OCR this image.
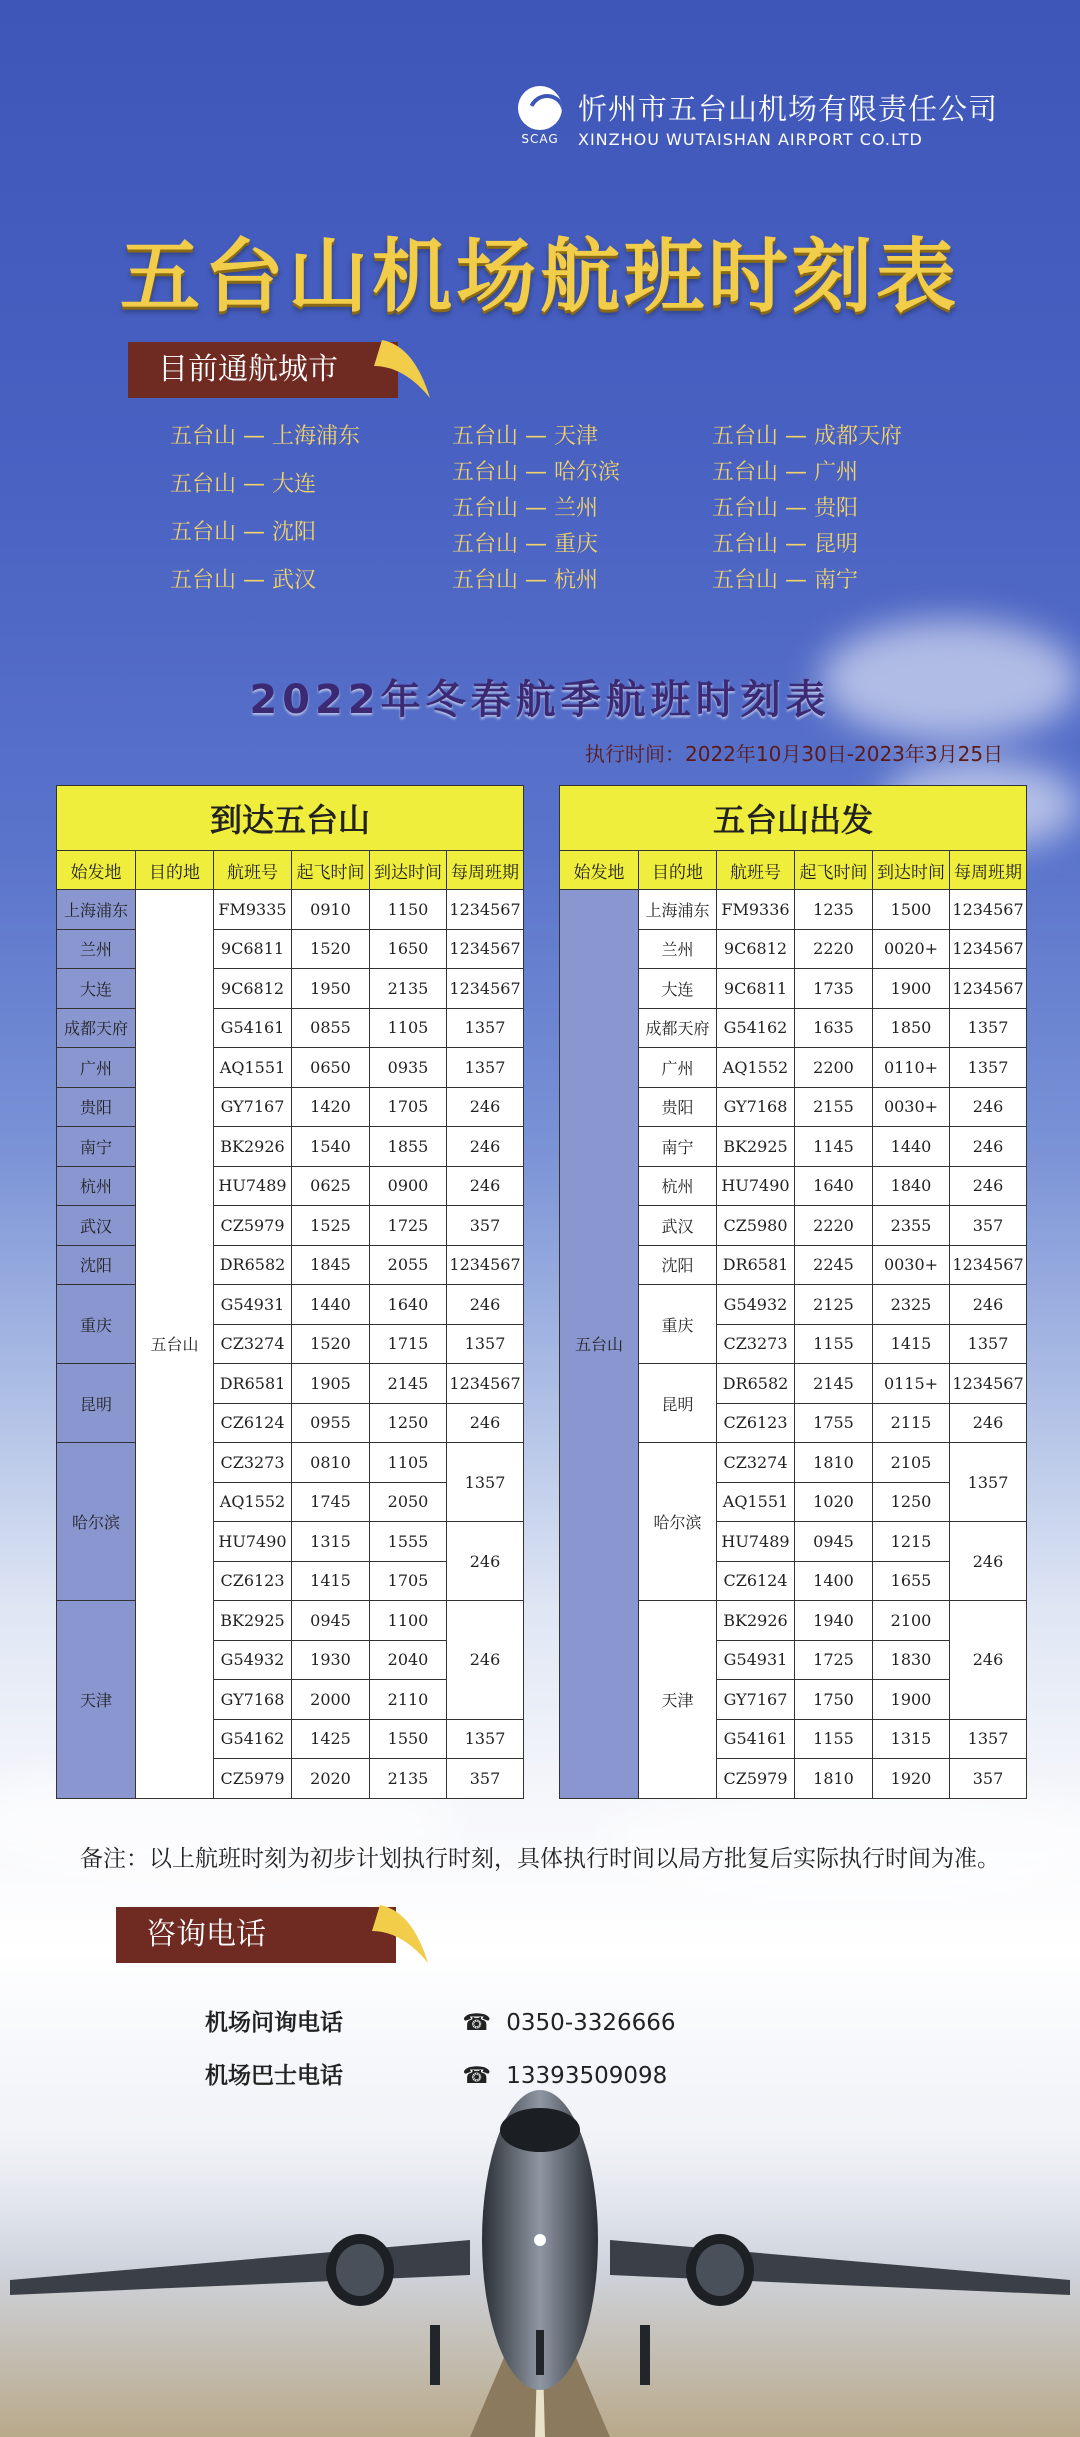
SCAG
忻州市五台山机场有限责任公司
XINZHOU WUTAISHAN AIRPORT CO.LTD
五台山机场航班时刻表
目前通航城市
五台山 — 上海浦东
五台山 — 大连
五台山 — 沈阳
五台山 — 武汉
五台山 — 天津
五台山 — 哈尔滨
五台山 — 兰州
五台山 — 重庆
五台山 — 杭州
五台山 — 成都天府
五台山 — 广州
五台山 — 贵阳
五台山 — 昆明
五台山 — 南宁
2022年冬春航季航班时刻表
执行时间：2022年10月30日-2023年3月25日
到达五台山					
始发地	目的地	航班号	起飞时间	到达时间	每周班期
上海浦东	五台山	FM9335	0910	1150	1234567
兰州		9C6811	1520	1650	1234567
大连		9C6812	1950	2135	1234567
成都天府		G54161	0855	1105	1357
广州		AQ1551	0650	0935	1357
贵阳		GY7167	1420	1705	246
南宁		BK2926	1540	1855	246
杭州		HU7489	0625	0900	246
武汉		CZ5979	1525	1725	357
沈阳		DR6582	1845	2055	1234567
重庆		G54931	1440	1640	246
		CZ3274	1520	1715	1357
昆明		DR6581	1905	2145	1234567
		CZ6124	0955	1250	246
哈尔滨		CZ3273	0810	1105	1357
		AQ1552	1745	2050	
		HU7490	1315	1555	246
		CZ6123	1415	1705	
天津		BK2925	0945	1100	246
		G54932	1930	2040	
		GY7168	2000	2110	
		G54162	1425	1550	1357
		CZ5979	2020	2135	357
五台山出发					
始发地	目的地	航班号	起飞时间	到达时间	每周班期
五台山	上海浦东	FM9336	1235	1500	1234567
	兰州	9C6812	2220	0020+	1234567
	大连	9C6811	1735	1900	1234567
	成都天府	G54162	1635	1850	1357
	广州	AQ1552	2200	0110+	1357
	贵阳	GY7168	2155	0030+	246
	南宁	BK2925	1145	1440	246
	杭州	HU7490	1640	1840	246
	武汉	CZ5980	2220	2355	357
	沈阳	DR6581	2245	0030+	1234567
	重庆	G54932	2125	2325	246
		CZ3273	1155	1415	1357
	昆明	DR6582	2145	0115+	1234567
		CZ6123	1755	2115	246
	哈尔滨	CZ3274	1810	2105	1357
		AQ1551	1020	1250	
		HU7489	0945	1215	246
		CZ6124	1400	1655	
	天津	BK2926	1940	2100	246
		G54931	1725	1830	
		GY7167	1750	1900	
		G54161	1155	1315	1357
		CZ5979	1810	1920	357
备注：以上航班时刻为初步计划执行时刻，具体执行时间以局方批复后实际执行时间为准。
咨询电话
机场问询电话	☎ 0350-3326666
机场巴士电话	☎ 13393509098
